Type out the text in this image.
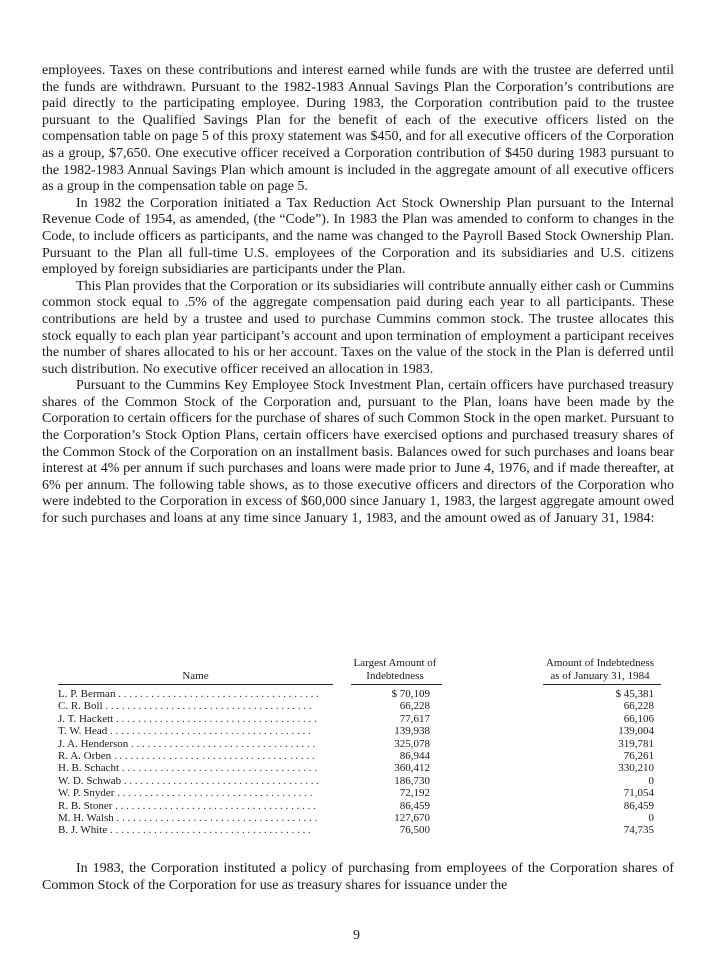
employees. Taxes on these contributions and interest earned while funds are with the trustee are deferred until the funds are withdrawn. Pursuant to the 1982-1983 Annual Savings Plan the Corporation’s contributions are paid directly to the participating employee. During 1983, the Corporation contribution paid to the trustee pursuant to the Qualified Savings Plan for the benefit of each of the executive officers listed on the compensation table on page 5 of this proxy statement was $450, and for all executive officers of the Corporation as a group, $7,650. One executive officer received a Corporation contribution of $450 during 1983 pursuant to the 1982-1983 Annual Savings Plan which amount is included in the aggregate amount of all executive officers as a group in the compensation table on page 5.

In 1982 the Corporation initiated a Tax Reduction Act Stock Ownership Plan pursuant to the Internal Revenue Code of 1954, as amended, (the “Code”). In 1983 the Plan was amended to conform to changes in the Code, to include officers as participants, and the name was changed to the Payroll Based Stock Ownership Plan. Pursuant to the Plan all full-time U.S. employees of the Corporation and its subsidiaries and U.S. citizens employed by foreign subsidiaries are participants under the Plan.

This Plan provides that the Corporation or its subsidiaries will contribute annually either cash or Cummins common stock equal to .5% of the aggregate compensation paid during each year to all participants. These contributions are held by a trustee and used to purchase Cummins common stock. The trustee allocates this stock equally to each plan year participant’s account and upon termination of employment a participant receives the number of shares allocated to his or her account. Taxes on the value of the stock in the Plan is deferred until such distribution. No executive officer received an allocation in 1983.

Pursuant to the Cummins Key Employee Stock Investment Plan, certain officers have purchased treasury shares of the Common Stock of the Corporation and, pursuant to the Plan, loans have been made by the Corporation to certain officers for the purchase of shares of such Common Stock in the open market. Pursuant to the Corporation’s Stock Option Plans, certain officers have exercised options and purchased treasury shares of the Common Stock of the Corporation on an installment basis. Balances owed for such purchases and loans bear interest at 4% per annum if such purchases and loans were made prior to June 4, 1976, and if made thereafter, at 6% per annum. The following table shows, as to those executive officers and directors of the Corporation who were indebted to the Corporation in excess of $60,000 since January 1, 1983, the largest aggregate amount owed for such purchases and loans at any time since January 1, 1983, and the amount owed as of January 31, 1984:

Name
Largest Amount of Indebtedness
Amount of Indebtedness as of January 31, 1984
L. P. Berman . . . . . . . . . . . . . . . . . . . . . . . . . . . . . . . . . . . . .	$ 70,109	$ 45,381
C. R. Boll . . . . . . . . . . . . . . . . . . . . . . . . . . . . . . . . . . . . . .	66,228	66,228
J. T. Hackett . . . . . . . . . . . . . . . . . . . . . . . . . . . . . . . . . . . . .	77,617	66,106
T. W. Head . . . . . . . . . . . . . . . . . . . . . . . . . . . . . . . . . . . . .	139,938	139,004
J. A. Henderson . . . . . . . . . . . . . . . . . . . . . . . . . . . . . . . . . .	325,078	319,781
R. A. Orben . . . . . . . . . . . . . . . . . . . . . . . . . . . . . . . . . . . . .	86,944	76,261
H. B. Schacht . . . . . . . . . . . . . . . . . . . . . . . . . . . . . . . . . . . .	360,412	330,210
W. D. Schwab . . . . . . . . . . . . . . . . . . . . . . . . . . . . . . . . . . . .	186,730	0
W. P. Snyder . . . . . . . . . . . . . . . . . . . . . . . . . . . . . . . . . . . .	72,192	71,054
R. B. Stoner . . . . . . . . . . . . . . . . . . . . . . . . . . . . . . . . . . . . .	86,459	86,459
M. H. Walsh . . . . . . . . . . . . . . . . . . . . . . . . . . . . . . . . . . . . .	127,670	0
B. J. White . . . . . . . . . . . . . . . . . . . . . . . . . . . . . . . . . . . . .	76,500	74,735

In 1983, the Corporation instituted a policy of purchasing from employees of the Corporation shares of Common Stock of the Corporation for use as treasury shares for issuance under the

9
